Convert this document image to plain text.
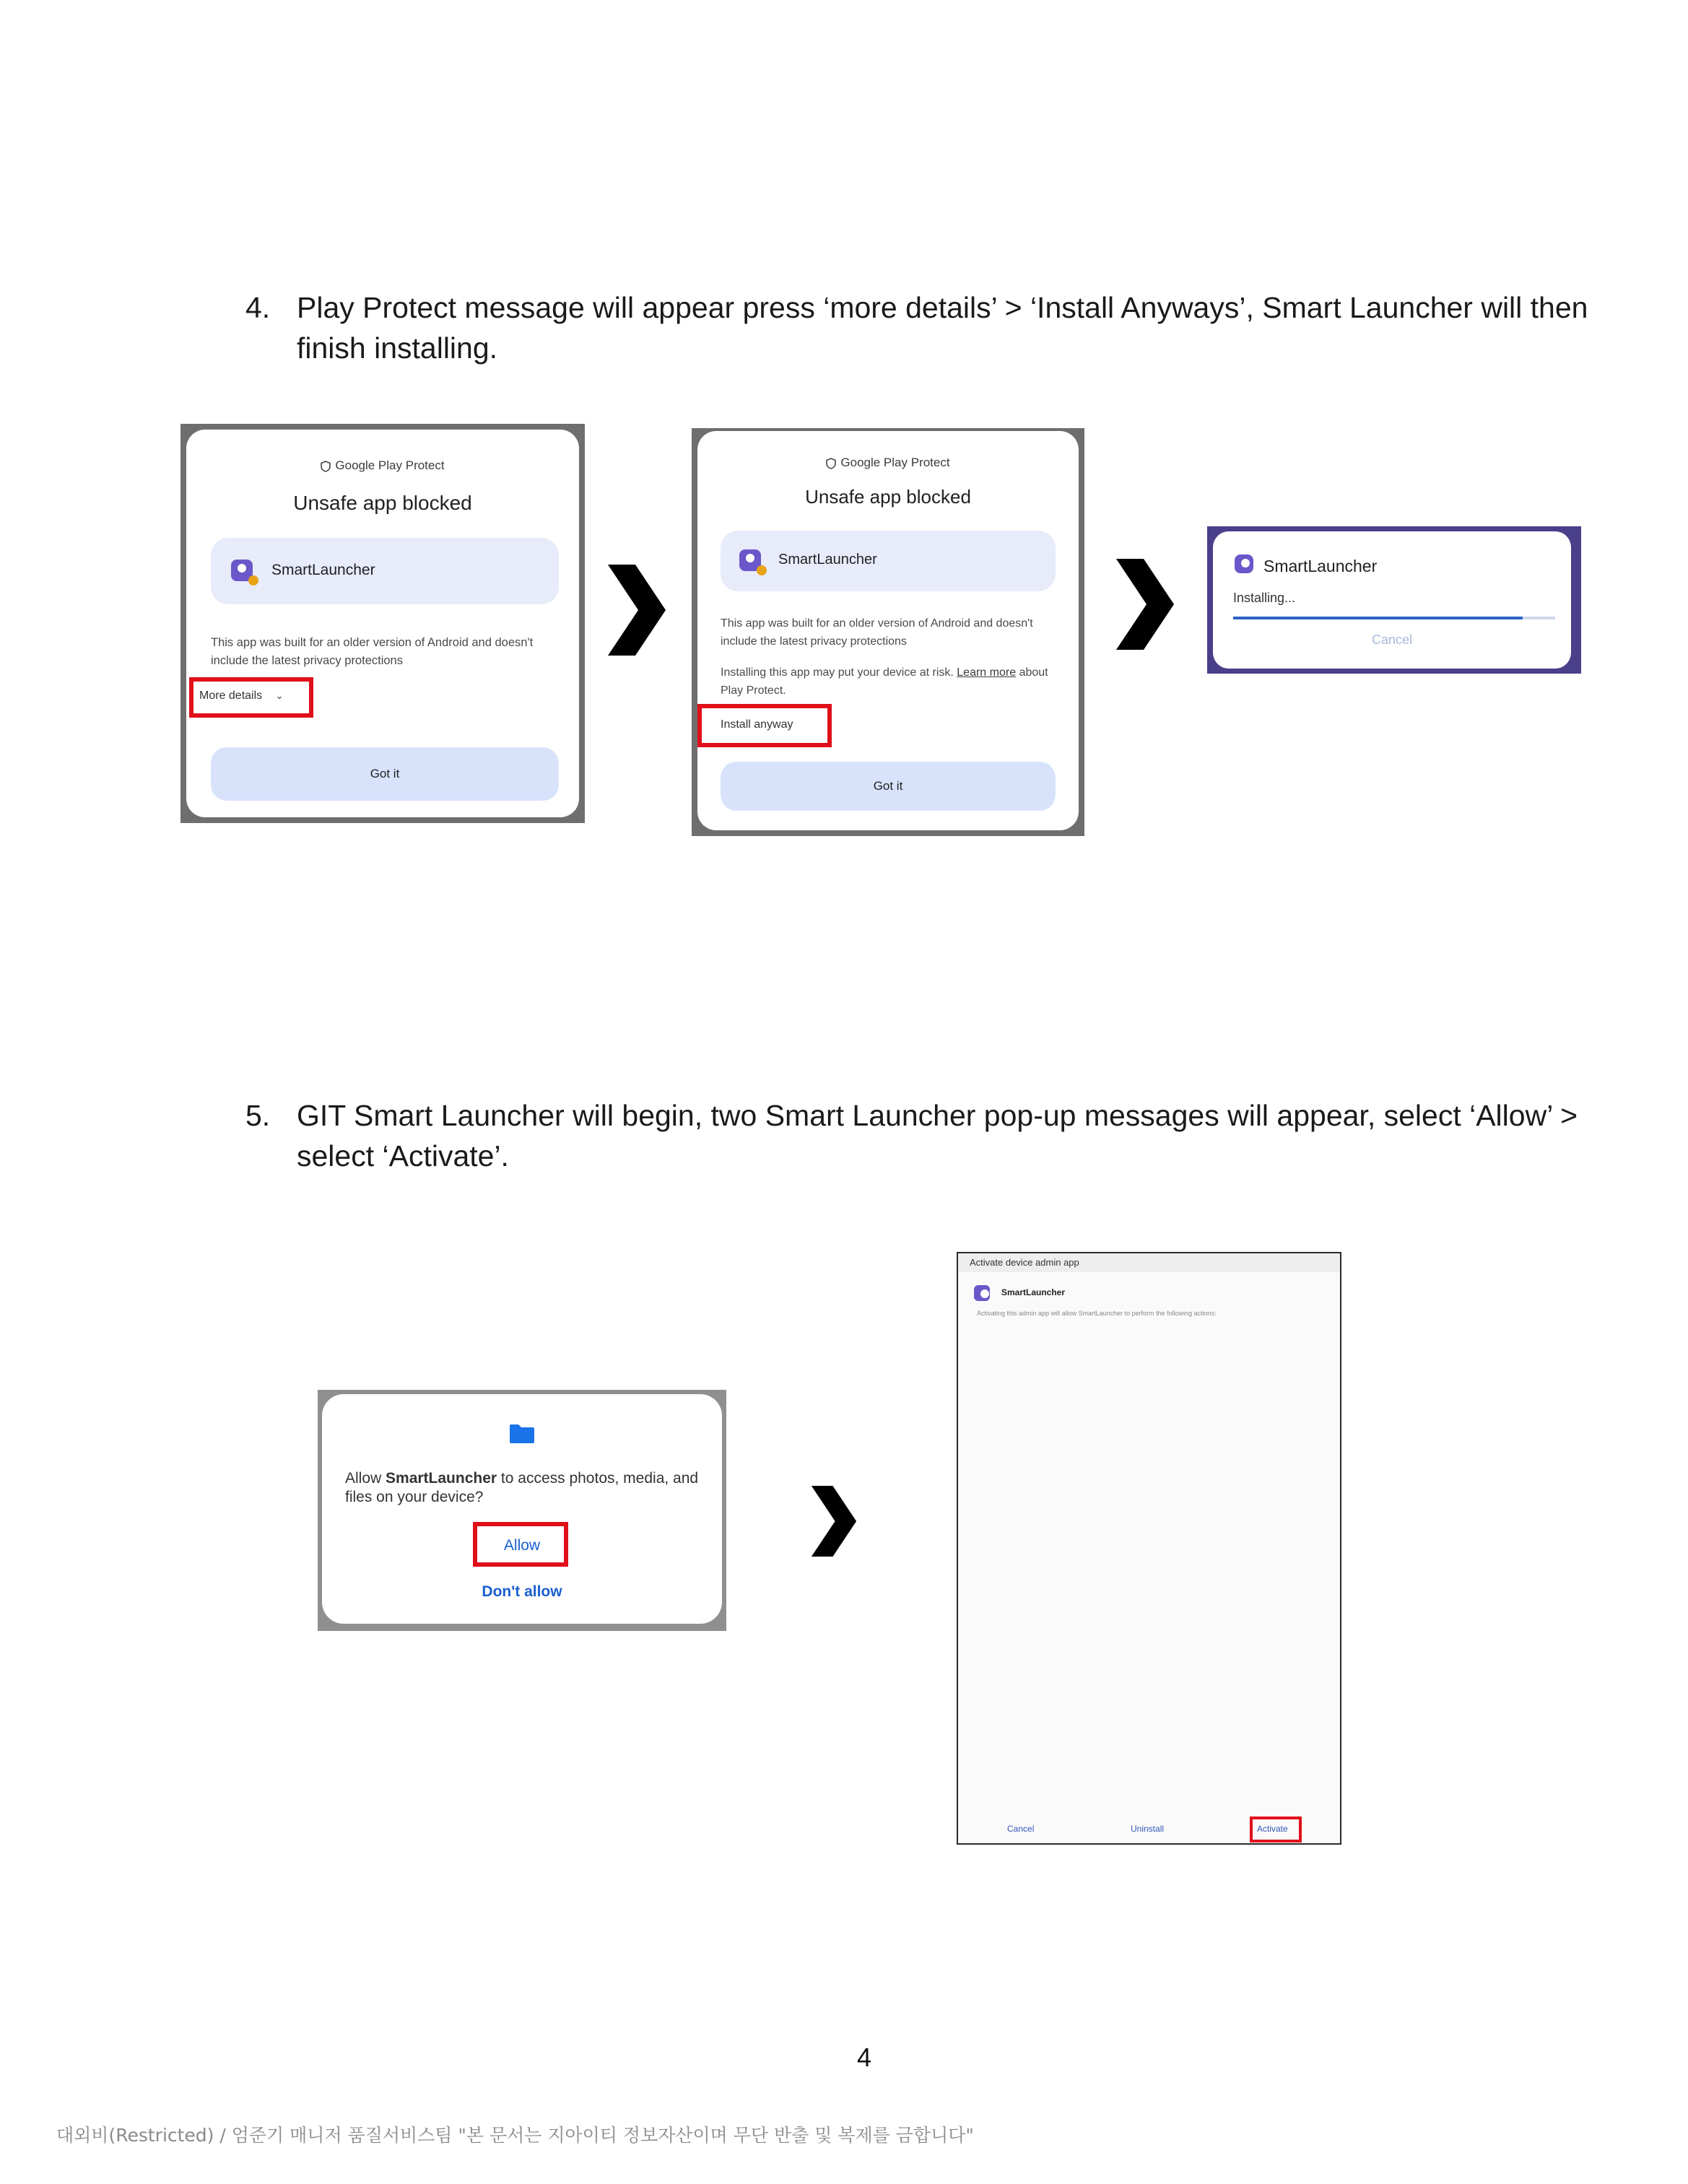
4. Play Protect message will appear press ‘more details’ > ‘Install Anyways’, Smart Launcher will then finish installing.
Google Play Protect
Unsafe app blocked
SmartLauncher
This app was built for an older version of Android and doesn't include the latest privacy protections
More details ⌄
Got it
Google Play Protect
Unsafe app blocked
SmartLauncher
This app was built for an older version of Android and doesn't include the latest privacy protections
Installing this app may put your device at risk. Learn more about Play Protect.
Install anyway
Got it
SmartLauncher
Installing...
Cancel
5. GIT Smart Launcher will begin, two Smart Launcher pop-up messages will appear, select ‘Allow’ > select ‘Activate’.
Allow SmartLauncher to access photos, media, and files on your device?
Allow
Don't allow
Activate device admin app
SmartLauncher
Activating this admin app will allow SmartLauncher to perform the following actions:
Cancel	Uninstall	Activate
4
대외비(Restricted) / 엄준기 매니저 품질서비스팀 "본 문서는 지아이티 정보자산이며 무단 반출 및 복제를 금합니다"
